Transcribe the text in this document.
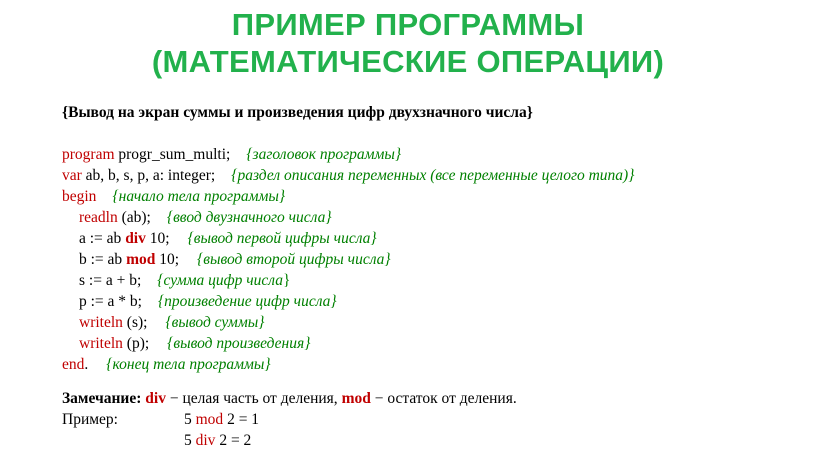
ПРИМЕР ПРОГРАММЫ
(МАТЕМАТИЧЕСКИЕ ОПЕРАЦИИ)
{Вывод на экран суммы и произведения цифр двухзначного числа}
program progr_sum_multi; {заголовок программы}
var ab, b, s, p, a: integer; {раздел описания переменных (все переменные целого типа)}
begin {начало тела программы}
readln (ab); {ввод двузначного числа}
a := ab div 10; {вывод первой цифры числа}
b := ab mod 10; {вывод второй цифры числа}
s := a + b; {сумма цифр числа}
p := a * b; {произведение цифр числа}
writeln (s); {вывод суммы}
writeln (p); {вывод произведения}
end. {конец тела программы}
Замечание: div − целая часть от деления, mod − остаток от деления.
Пример:	5 mod 2 = 1
5 div 2 = 2
